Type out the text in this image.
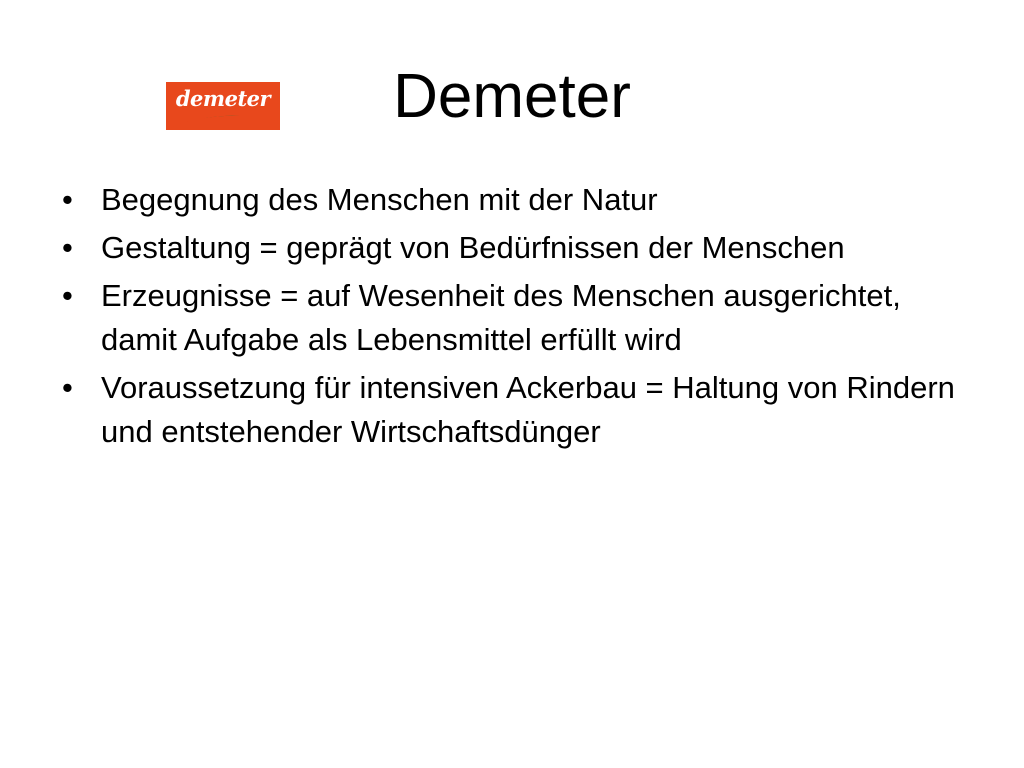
demeter	Demeter
• Begegnung des Menschen mit der Natur
• Gestaltung = geprägt von Bedürfnissen der Menschen
• Erzeugnisse = auf Wesenheit des Menschen ausgerichtet, damit Aufgabe als Lebensmittel erfüllt wird
• Voraussetzung für intensiven Ackerbau = Haltung von Rindern und entstehender Wirtschaftsdünger
